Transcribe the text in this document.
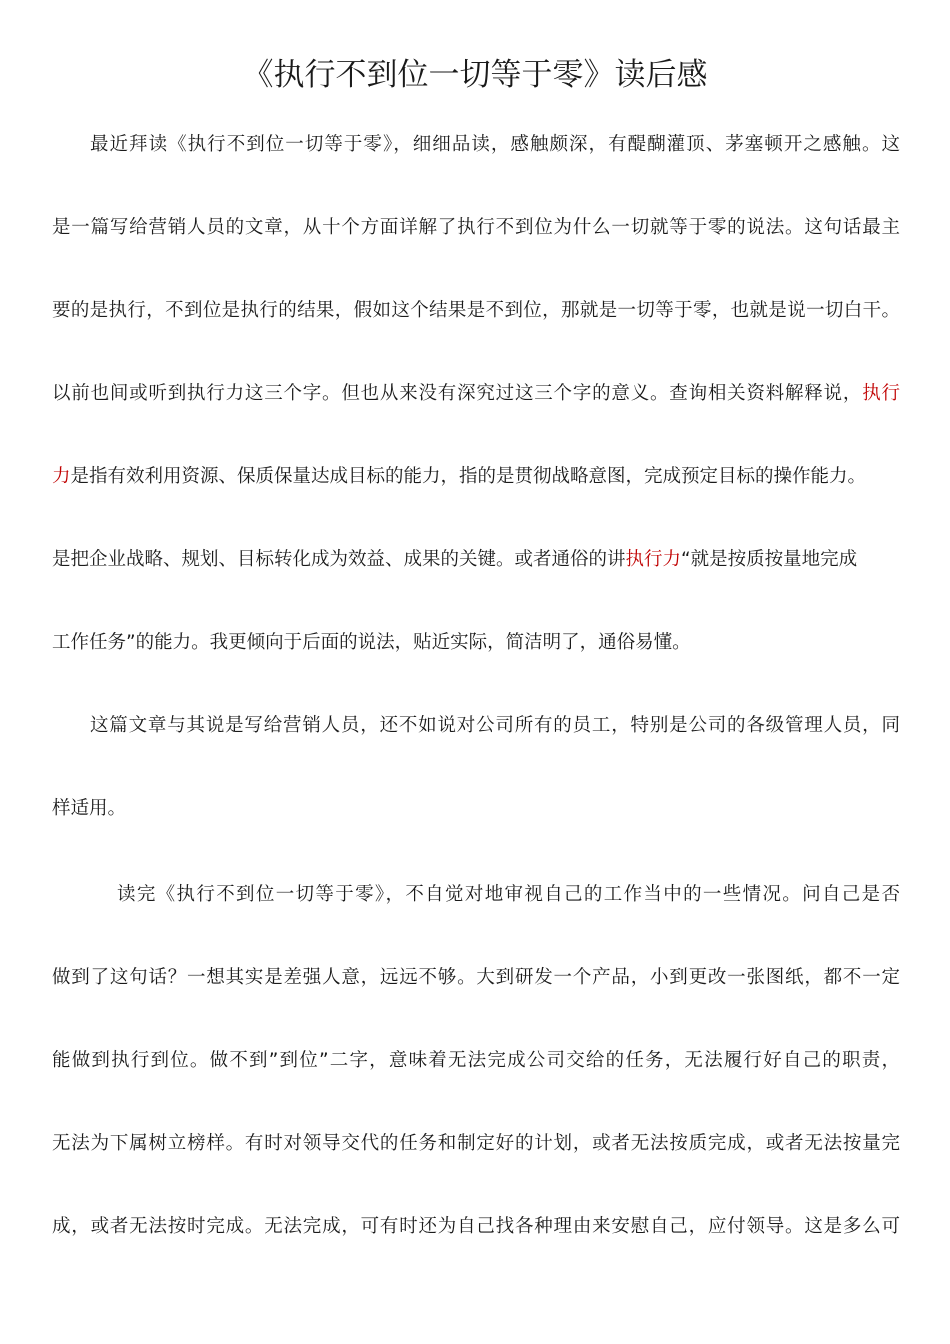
《执行不到位一切等于零》读后感
最近拜读《执行不到位一切等于零》，细细品读，感触颇深，有醍醐灌顶、茅塞顿开之感触。这
是一篇写给营销人员的文章，从十个方面详解了执行不到位为什么一切就等于零的说法。这句话最主
要的是执行，不到位是执行的结果，假如这个结果是不到位，那就是一切等于零，也就是说一切白干。
以前也间或听到执行力这三个字。但也从来没有深究过这三个字的意义。查询相关资料解释说，执行
力是指有效利用资源、保质保量达成目标的能力，指的是贯彻战略意图，完成预定目标的操作能力。
是把企业战略、规划、目标转化成为效益、成果的关键。或者通俗的讲执行力“就是按质按量地完成
工作任务”的能力。我更倾向于后面的说法，贴近实际，简洁明了，通俗易懂。
这篇文章与其说是写给营销人员，还不如说对公司所有的员工，特别是公司的各级管理人员，同
样适用。
读完《执行不到位一切等于零》，不自觉对地审视自己的工作当中的一些情况。问自己是否
做到了这句话？一想其实是差强人意，远远不够。大到研发一个产品，小到更改一张图纸，都不一定
能做到执行到位。做不到”到位”二字，意味着无法完成公司交给的任务，无法履行好自己的职责，
无法为下属树立榜样。有时对领导交代的任务和制定好的计划，或者无法按质完成，或者无法按量完
成，或者无法按时完成。无法完成，可有时还为自己找各种理由来安慰自己，应付领导。这是多么可
